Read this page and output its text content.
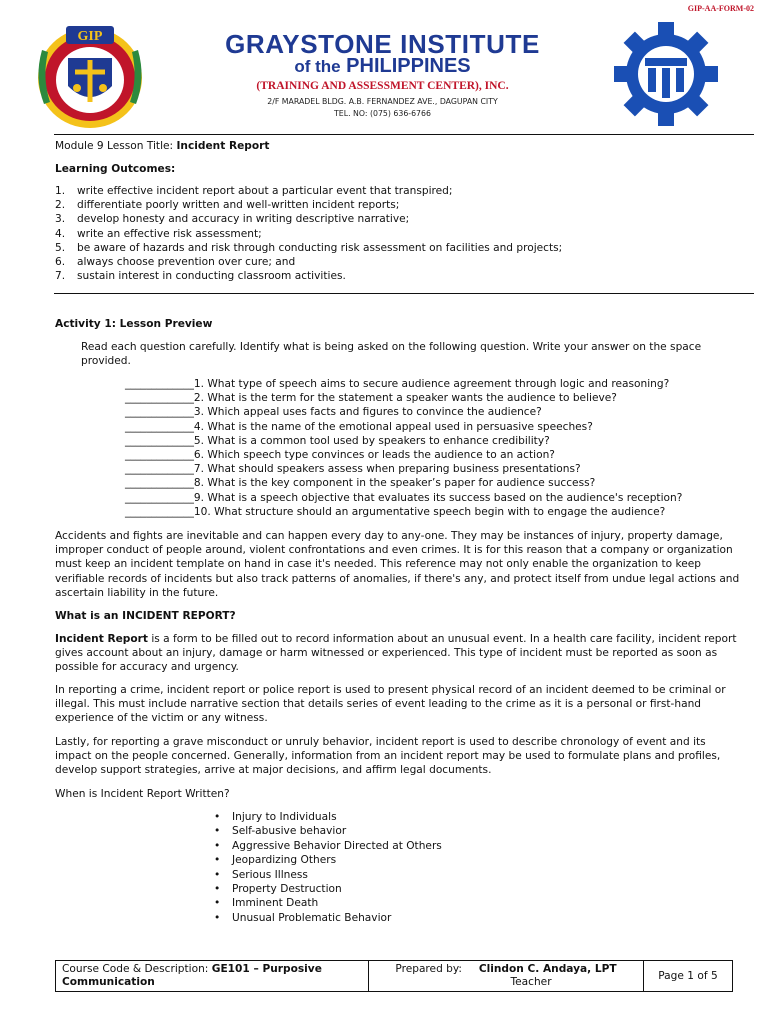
GIP-AA-FORM-02
GIP	GRAYSTONE INSTITUTE
of the PHILIPPINES
(TRAINING AND ASSESSMENT CENTER), INC.
2/F MARADEL BLDG. A.B. FERNANDEZ AVE., DAGUPAN CITY
TEL. NO: (075) 636-6766
Module 9 Lesson Title: Incident Report
Learning Outcomes:
1. write effective incident report about a particular event that transpired;
2. differentiate poorly written and well-written incident reports;
3. develop honesty and accuracy in writing descriptive narrative;
4. write an effective risk assessment;
5. be aware of hazards and risk through conducting risk assessment on facilities and projects;
6. always choose prevention over cure; and
7. sustain interest in conducting classroom activities.
Activity 1: Lesson Preview

Read each question carefully. Identify what is being asked on the following question. Write your answer on the space provided.

_____________1. What type of speech aims to secure audience agreement through logic and reasoning?
_____________2. What is the term for the statement a speaker wants the audience to believe?
_____________3. Which appeal uses facts and figures to convince the audience?
_____________4. What is the name of the emotional appeal used in persuasive speeches?
_____________5. What is a common tool used by speakers to enhance credibility?
_____________6. Which speech type convinces or leads the audience to an action?
_____________7. What should speakers assess when preparing business presentations?
_____________8. What is the key component in the speaker’s paper for audience success?
_____________9. What is a speech objective that evaluates its success based on the audience's reception?
_____________10. What structure should an argumentative speech begin with to engage the audience?

Accidents and fights are inevitable and can happen every day to any-one. They may be instances of injury, property damage, improper conduct of people around, violent confrontations and even crimes. It is for this reason that a company or organization must keep an incident template on hand in case it's needed. This reference may not only enable the organization to keep verifiable records of incidents but also track patterns of anomalies, if there's any, and protect itself from undue legal actions and ascertain liability in the future.

What is an INCIDENT REPORT?

Incident Report is a form to be filled out to record information about an unusual event. In a health care facility, incident report gives account about an injury, damage or harm witnessed or experienced. This type of incident must be reported as soon as possible for accuracy and urgency.

In reporting a crime, incident report or police report is used to present physical record of an incident deemed to be criminal or illegal. This must include narrative section that details series of event leading to the crime as it is a personal or first-hand experience of the victim or any witness.

Lastly, for reporting a grave misconduct or unruly behavior, incident report is used to describe chronology of event and its impact on the people concerned. Generally, information from an incident report may be used to formulate plans and profiles, develop support strategies, arrive at major decisions, and affirm legal documents.

When is Incident Report Written?
• Injury to Individuals
• Self-abusive behavior
• Aggressive Behavior Directed at Others
• Jeopardizing Others
• Serious Illness
• Property Destruction
• Imminent Death
• Unusual Problematic Behavior
Course Code & Description: GE101 – Purposive
Communication	Prepared by: Clindon C. Andaya, LPT
Teacher	Page 1 of 5
